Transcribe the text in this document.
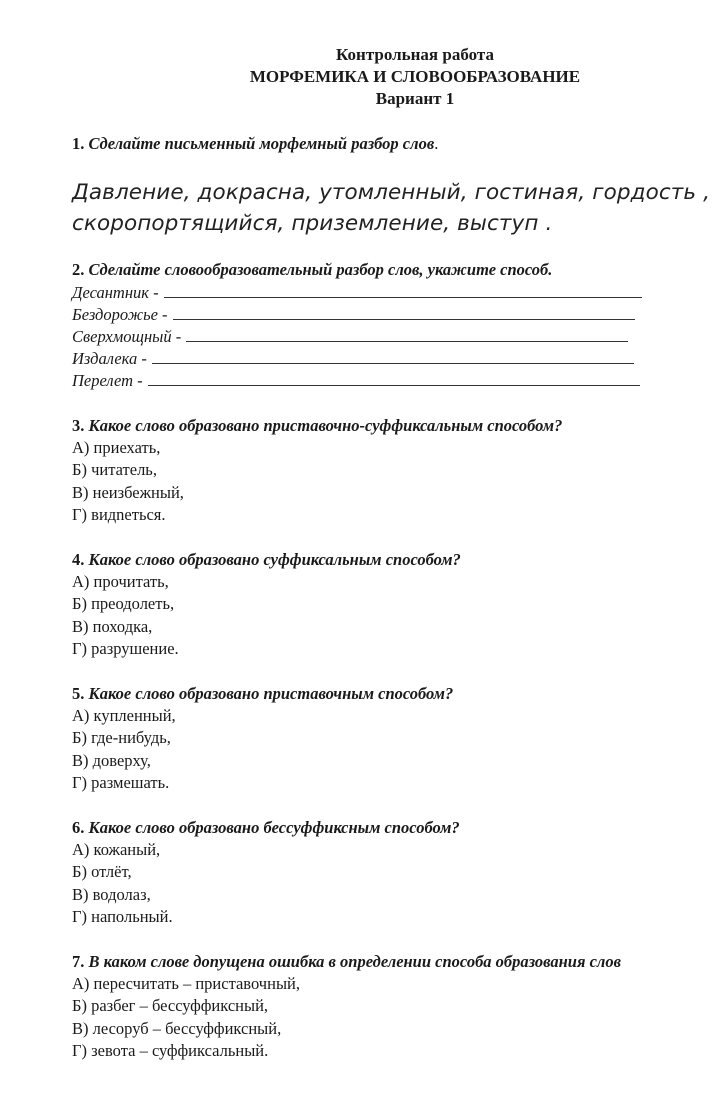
Контрольная работа
МОРФЕМИКА И СЛОВООБРАЗОВАНИЕ
Вариант 1
1. Сделайте письменный морфемный разбор слов.
Давление, докрасна, утомленный, гостиная, гордость ,
скоропортящийся, приземление, выступ .
2. Сделайте словообразовательный разбор слов, укажите способ.
Десантник -
Бездорожье -
Сверхмощный -
Издалека -
Перелет -
3. Какое слово образовано приставочно-суффиксальным способом?
А) приехать,
Б) читатель,
В) неизбежный,
Г) видneться.
4. Какое слово образовано суффиксальным способом?
А) прочитать,
Б) преодолеть,
В) походка,
Г) разрушение.
5. Какое слово образовано приставочным способом?
А) купленный,
Б) где-нибудь,
В) доверху,
Г) размешать.
6. Какое слово образовано бессуффиксным способом?
А) кожаный,
Б) отлёт,
В) водолаз,
Г) напольный.
7. В каком слове допущена ошибка в определении способа образования слов
А) пересчитать – приставочный,
Б) разбег – бессуффиксный,
В) лесоруб – бессуффиксный,
Г) зевота – суффиксальный.
